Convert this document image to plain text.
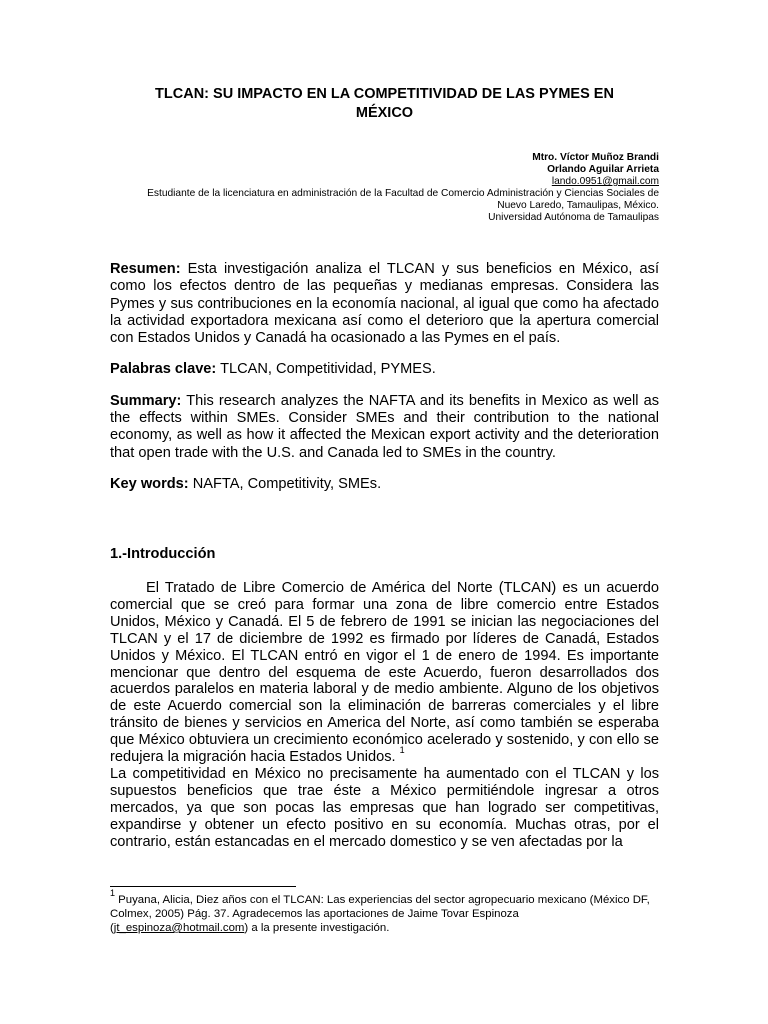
TLCAN: SU IMPACTO EN LA COMPETITIVIDAD DE LAS PYMES EN
MÉXICO
Mtro. Víctor Muñoz Brandi
Orlando Aguilar Arrieta
lando.0951@gmail.com
Estudiante de la licenciatura en administración de la Facultad de Comercio Administración y Ciencias Sociales de
Nuevo Laredo, Tamaulipas, México.
Universidad Autónoma de Tamaulipas

Resumen: Esta investigación analiza el TLCAN y sus beneficios en México, así como los efectos dentro de las pequeñas y medianas empresas. Considera las Pymes y sus contribuciones en la economía nacional, al igual que como ha afectado la actividad exportadora mexicana así como el deterioro que la apertura comercial con Estados Unidos y Canadá ha ocasionado a las Pymes en el país.

Palabras clave: TLCAN, Competitividad, PYMES.

Summary: This research analyzes the NAFTA and its benefits in Mexico as well as the effects within SMEs. Consider SMEs and their contribution to the national economy, as well as how it affected the Mexican export activity and the deterioration that open trade with the U.S. and Canada led to SMEs in the country.

Key words: NAFTA, Competitivity, SMEs.

1.-Introducción

El Tratado de Libre Comercio de América del Norte (TLCAN) es un acuerdo comercial que se creó para formar una zona de libre comercio entre Estados Unidos, México y Canadá. El 5 de febrero de 1991 se inician las negociaciones del TLCAN y el 17 de diciembre de 1992 es firmado por líderes de Canadá, Estados Unidos y México. El TLCAN entró en vigor el 1 de enero de 1994. Es importante mencionar que dentro del esquema de este Acuerdo, fueron desarrollados dos acuerdos paralelos en materia laboral y de medio ambiente. Alguno de los objetivos de este Acuerdo comercial son la eliminación de barreras comerciales y el libre tránsito de bienes y servicios en America del Norte, así como también se esperaba que México obtuviera un crecimiento económico acelerado y sostenido, y con ello se redujera la migración hacia Estados Unidos. $^1$

La competitividad en México no precisamente ha aumentado con el TLCAN y los supuestos beneficios que trae éste a México permitiéndole ingresar a otros mercados, ya que son pocas las empresas que han logrado ser competitivas, expandirse y obtener un efecto positivo en su economía. Muchas otras, por el contrario, están estancadas en el mercado domestico y se ven afectadas por la

$^1$ Puyana, Alicia, Diez años con el TLCAN: Las experiencias del sector agropecuario mexicano (México DF, Colmex, 2005) Pág. 37. Agradecemos las aportaciones de Jaime Tovar Espinoza (jt_espinoza@hotmail.com) a la presente investigación.
